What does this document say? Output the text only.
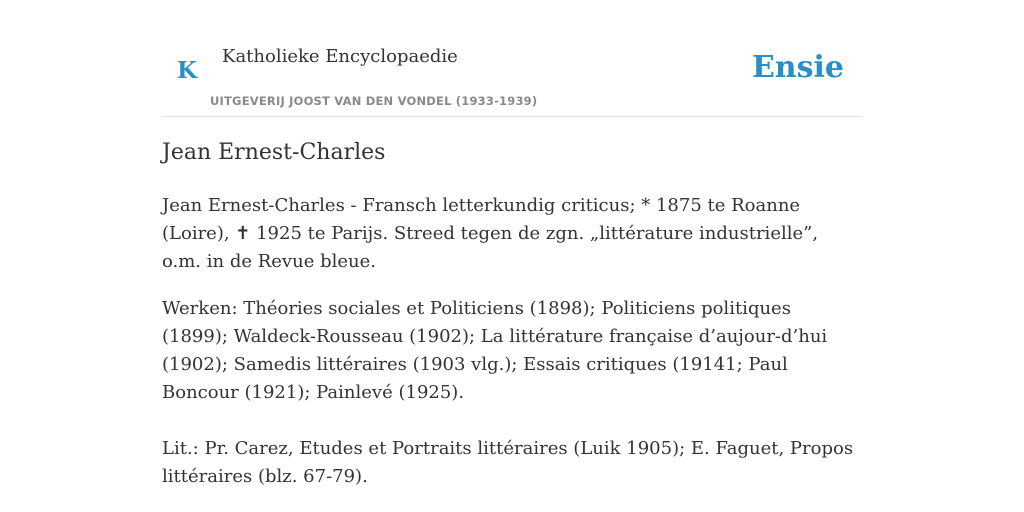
K
Katholieke Encyclopaedie
UITGEVERIJ JOOST VAN DEN VONDEL (1933-1939)
Ensie
Jean Ernest-Charles

Jean Ernest-Charles - Fransch letterkundig criticus; * 1875 te Roanne (Loire), ✝ 1925 te Parijs. Streed tegen de zgn. „littérature industrielle”, o.m. in de Revue bleue.

Werken: Théories sociales et Politiciens (1898); Politiciens politiques (1899); Waldeck-Rousseau (1902); La littérature française d’aujour-d’hui (1902); Samedis littéraires (1903 vlg.); Essais critiques (19141; Paul Boncour (1921); Painlevé (1925).

Lit.: Pr. Carez, Etudes et Portraits littéraires (Luik 1905); E. Faguet, Propos littéraires (blz. 67-79).
